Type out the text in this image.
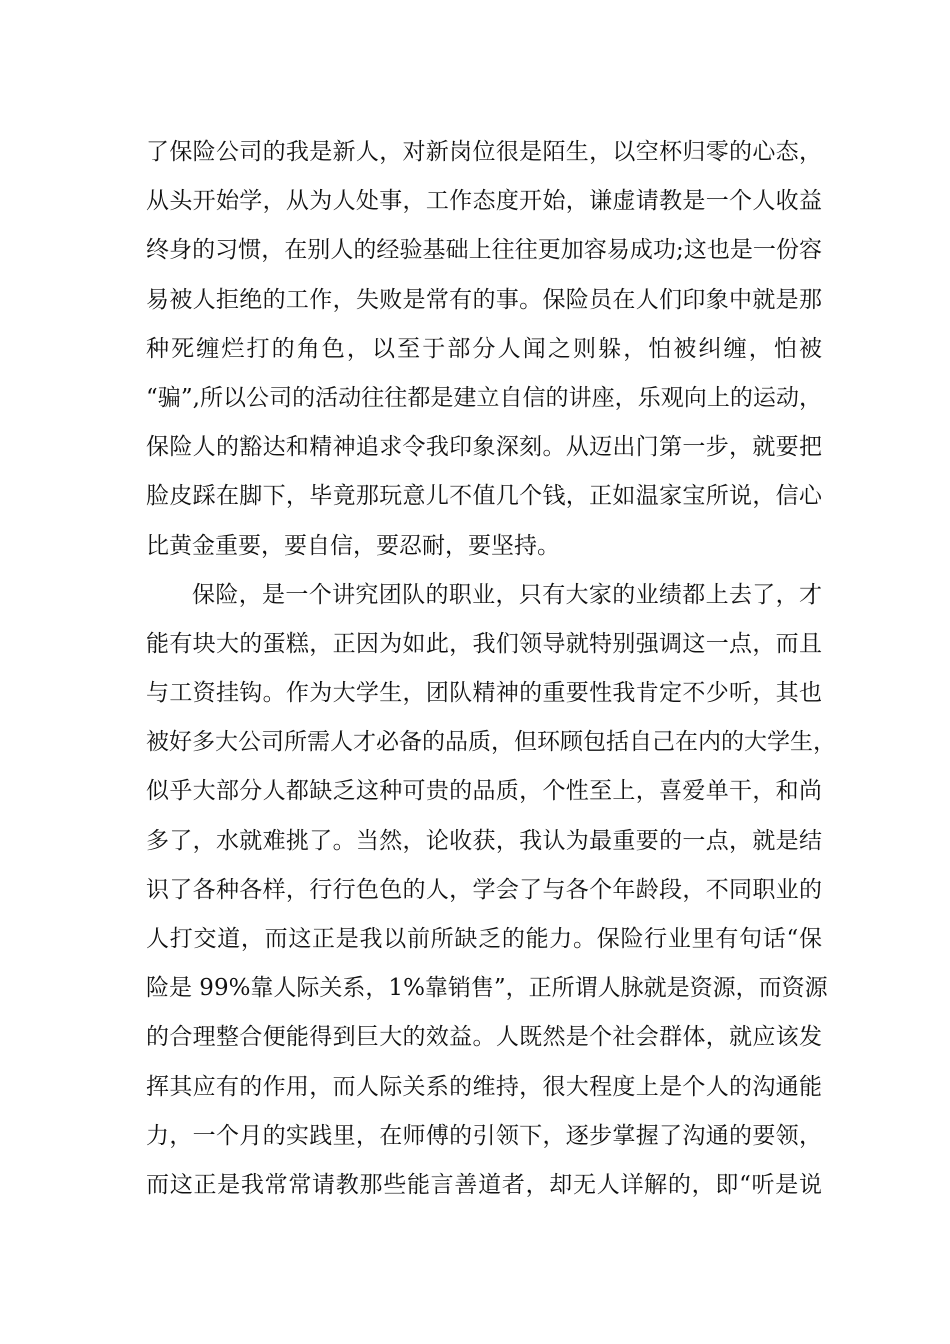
了保险公司的我是新人，对新岗位很是陌生，以空杯归零的心态，
从头开始学，从为人处事，工作态度开始，谦虚请教是一个人收益
终身的习惯，在别人的经验基础上往往更加容易成功;这也是一份容
易被人拒绝的工作，失败是常有的事。保险员在人们印象中就是那
种死缠烂打的角色，以至于部分人闻之则躲，怕被纠缠，怕被
“骗”,所以公司的活动往往都是建立自信的讲座，乐观向上的运动，
保险人的豁达和精神追求令我印象深刻。从迈出门第一步，就要把
脸皮踩在脚下，毕竟那玩意儿不值几个钱，正如温家宝所说，信心
比黄金重要，要自信，要忍耐，要坚持。
保险，是一个讲究团队的职业，只有大家的业绩都上去了，才
能有块大的蛋糕，正因为如此，我们领导就特别强调这一点，而且
与工资挂钩。作为大学生，团队精神的重要性我肯定不少听，其也
被好多大公司所需人才必备的品质，但环顾包括自己在内的大学生，
似乎大部分人都缺乏这种可贵的品质，个性至上，喜爱单干，和尚
多了，水就难挑了。当然，论收获，我认为最重要的一点，就是结
识了各种各样，行行色色的人，学会了与各个年龄段，不同职业的
人打交道，而这正是我以前所缺乏的能力。保险行业里有句话“保
险是 99%靠人际关系，1%靠销售”，正所谓人脉就是资源，而资源
的合理整合便能得到巨大的效益。人既然是个社会群体，就应该发
挥其应有的作用，而人际关系的维持，很大程度上是个人的沟通能
力，一个月的实践里，在师傅的引领下，逐步掌握了沟通的要领，
而这正是我常常请教那些能言善道者，却无人详解的，即“听是说
